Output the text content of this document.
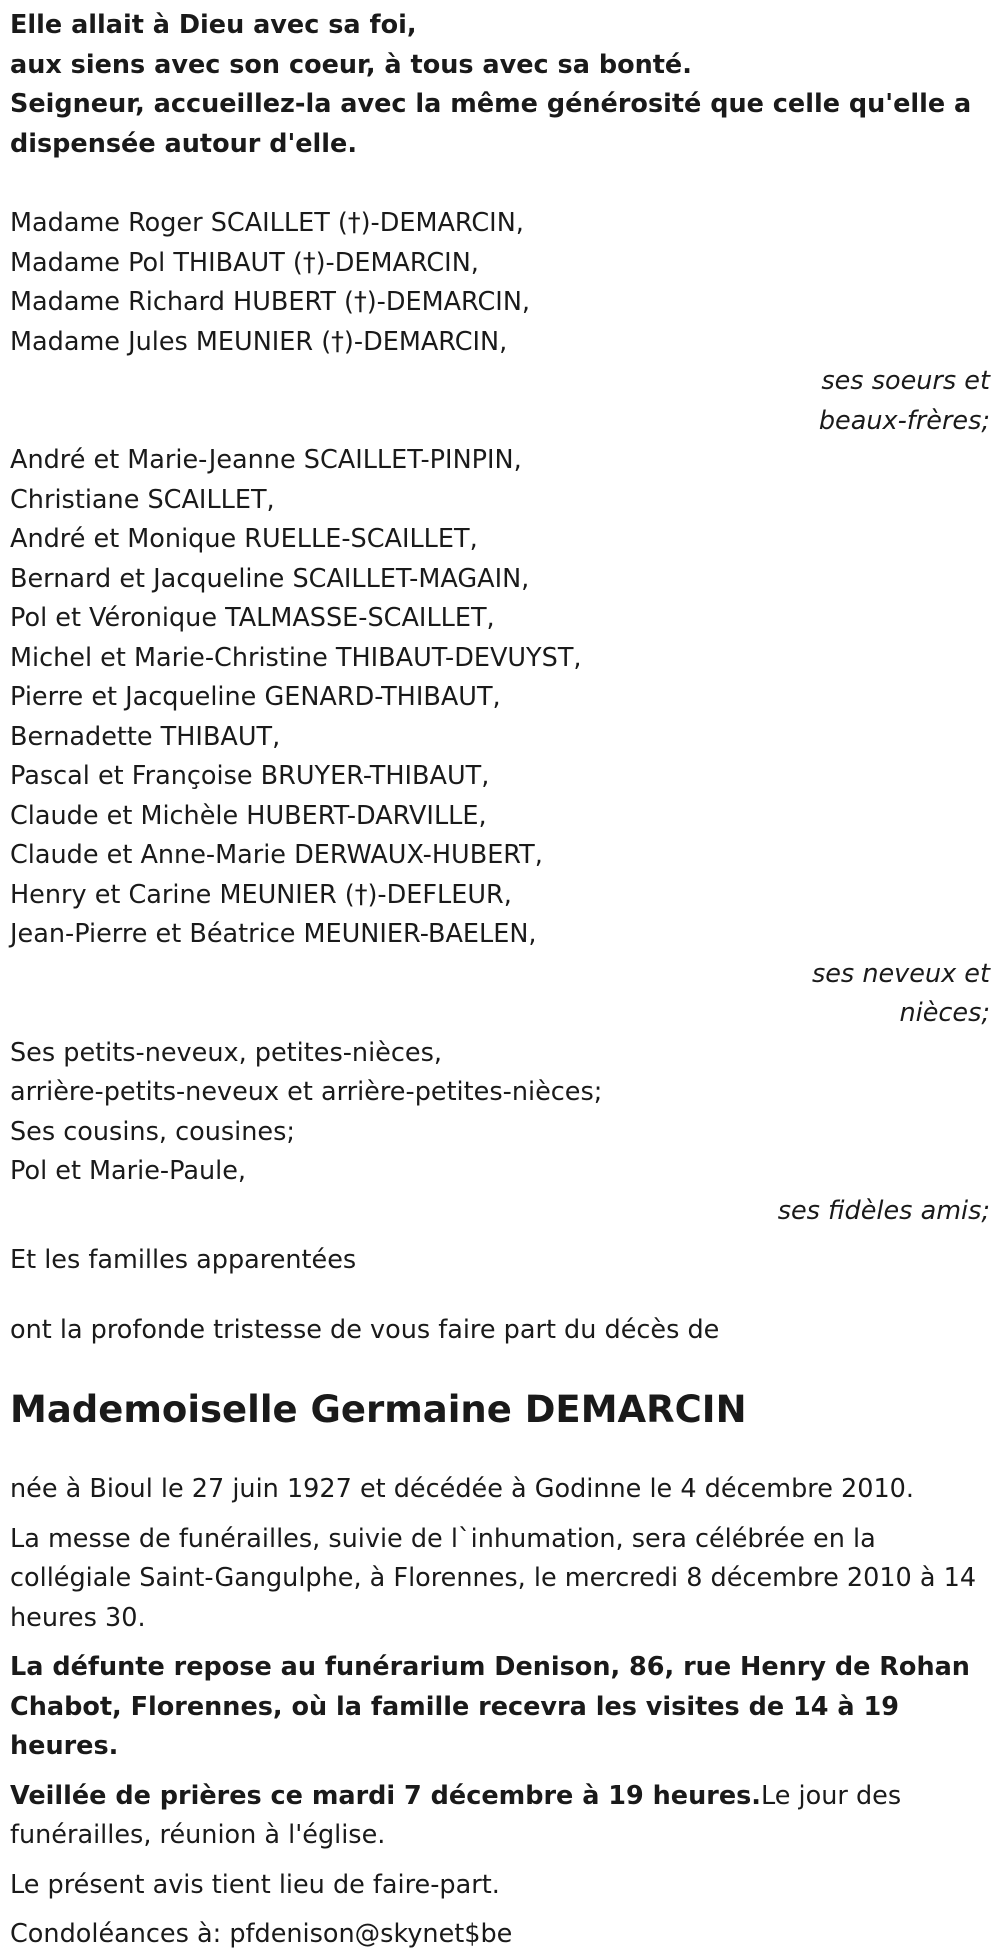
Elle allait à Dieu avec sa foi,

aux siens avec son coeur, à tous avec sa bonté.

Seigneur, accueillez-la avec la même générosité que celle qu'elle a dispensée autour d'elle.

Madame Roger SCAILLET (†)-DEMARCIN,

Madame Pol THIBAUT (†)-DEMARCIN,

Madame Richard HUBERT (†)-DEMARCIN,

Madame Jules MEUNIER (†)-DEMARCIN,

ses soeurs et

beaux-frères;

André et Marie-Jeanne SCAILLET-PINPIN,

Christiane SCAILLET,

André et Monique RUELLE-SCAILLET,

Bernard et Jacqueline SCAILLET-MAGAIN,

Pol et Véronique TALMASSE-SCAILLET,

Michel et Marie-Christine THIBAUT-DEVUYST,

Pierre et Jacqueline GENARD-THIBAUT,

Bernadette THIBAUT,

Pascal et Françoise BRUYER-THIBAUT,

Claude et Michèle HUBERT-DARVILLE,

Claude et Anne-Marie DERWAUX-HUBERT,

Henry et Carine MEUNIER (†)-DEFLEUR,

Jean-Pierre et Béatrice MEUNIER-BAELEN,

ses neveux et

nièces;

Ses petits-neveux, petites-nièces,

arrière-petits-neveux et arrière-petites-nièces;

Ses cousins, cousines;

Pol et Marie-Paule,

ses fidèles amis;

Et les familles apparentées

ont la profonde tristesse de vous faire part du décès de

Mademoiselle Germaine DEMARCIN

née à Bioul le 27 juin 1927 et décédée à Godinne le 4 décembre 2010.

La messe de funérailles, suivie de l`inhumation, sera célébrée en la collégiale Saint-Gangulphe, à Florennes, le mercredi 8 décembre 2010 à 14 heures 30.

La défunte repose au funérarium Denison, 86, rue Henry de Rohan Chabot, Florennes, où la famille recevra les visites de 14 à 19 heures.

Veillée de prières ce mardi 7 décembre à 19 heures.Le jour des funérailles, réunion à l'église.

Le présent avis tient lieu de faire-part.

Condoléances à: pfdenison@skynet$be
